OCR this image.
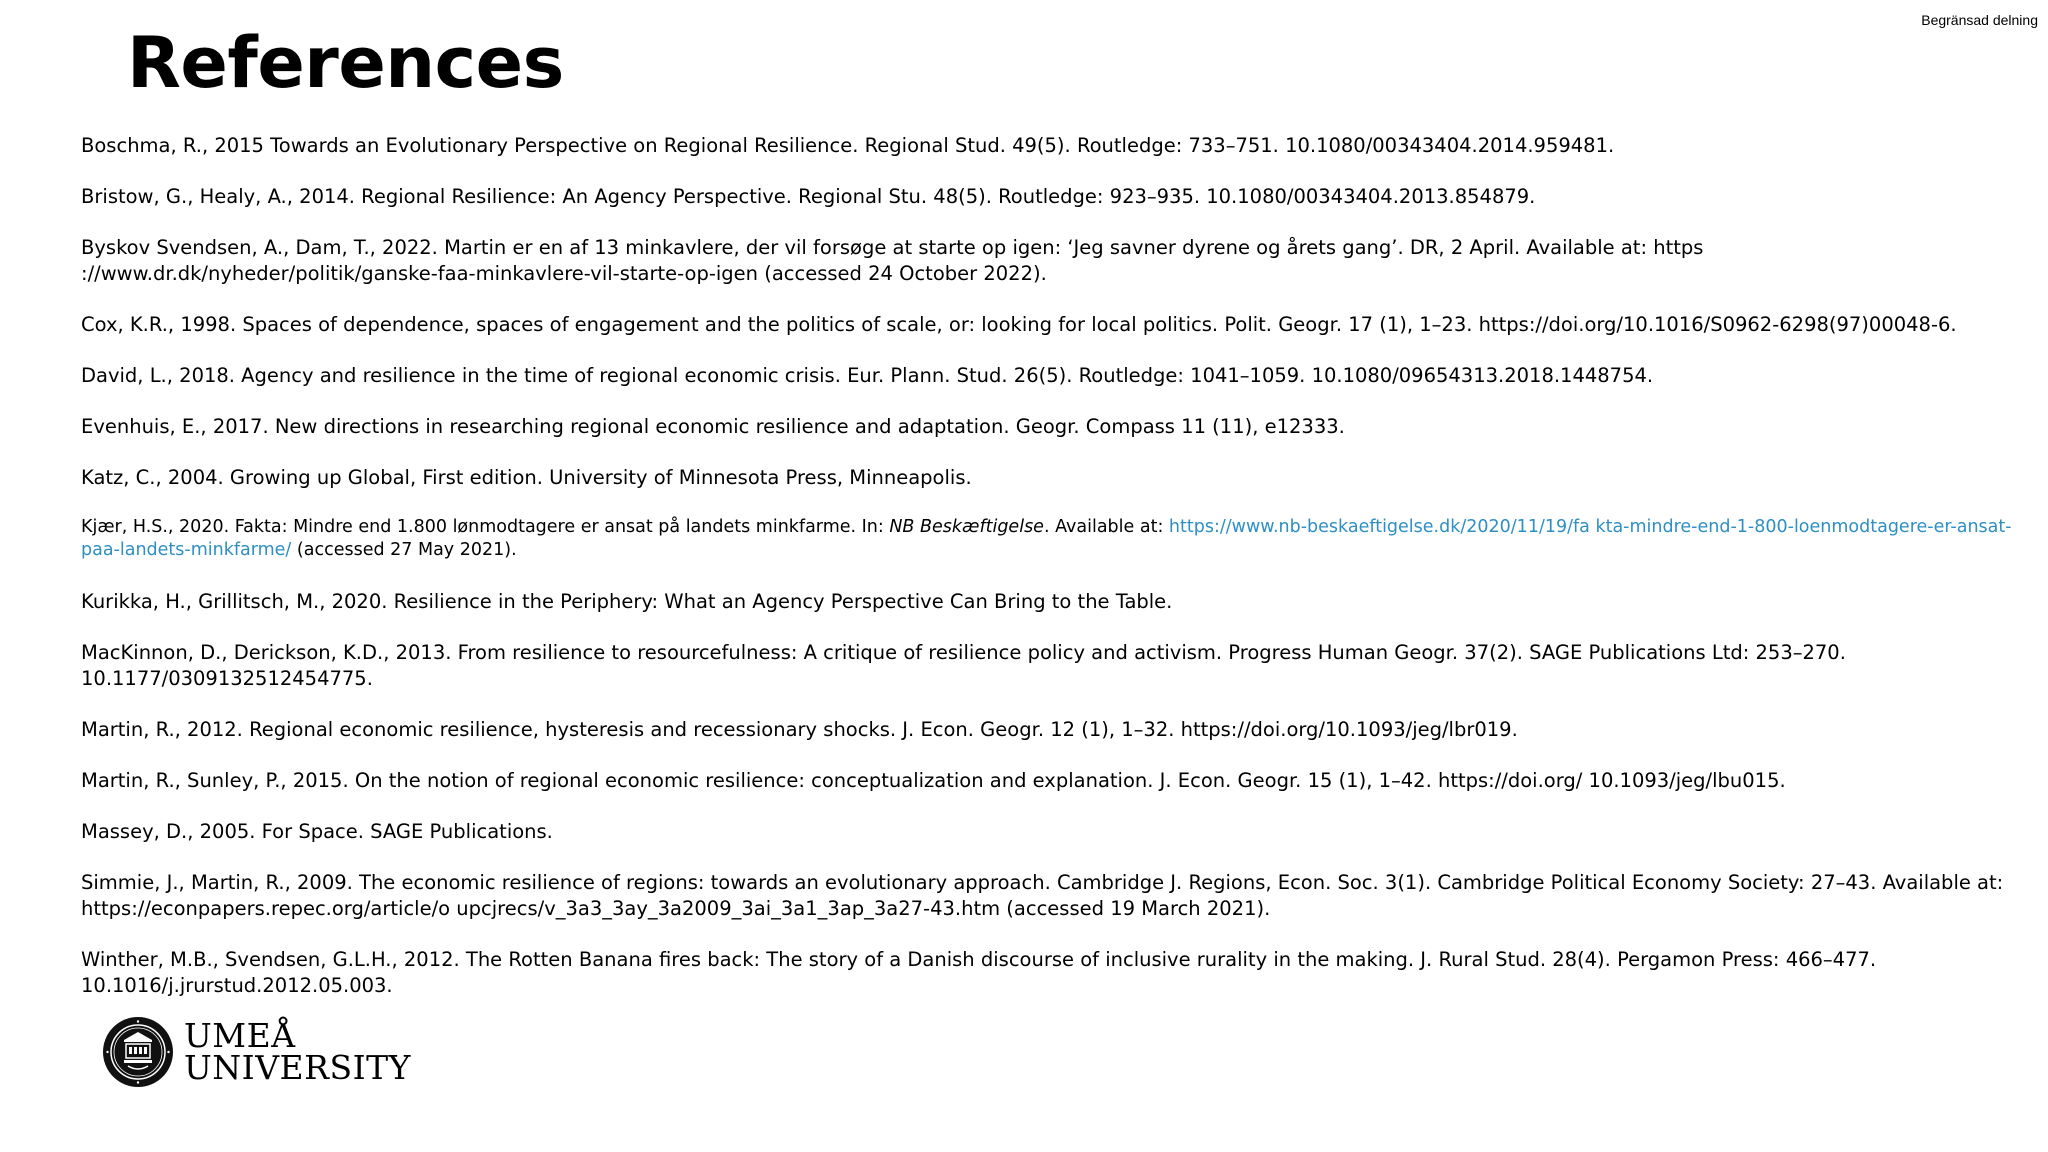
Begränsad delning
References

Boschma, R., 2015 Towards an Evolutionary Perspective on Regional Resilience. Regional Stud. 49(5). Routledge: 733–751. 10.1080/00343404.2014.959481.

Bristow, G., Healy, A., 2014. Regional Resilience: An Agency Perspective. Regional Stu. 48(5). Routledge: 923–935. 10.1080/00343404.2013.854879.

Byskov Svendsen, A., Dam, T., 2022. Martin er en af 13 minkavlere, der vil forsøge at starte op igen: ‘Jeg savner dyrene og årets gang’. DR, 2 April. Available at: https ://www.dr.dk/nyheder/politik/ganske-faa-minkavlere-vil-starte-op-igen (accessed 24 October 2022).

Cox, K.R., 1998. Spaces of dependence, spaces of engagement and the politics of scale, or: looking for local politics. Polit. Geogr. 17 (1), 1–23. https://doi.org/10.1016/S0962-6298(97)00048-6.

David, L., 2018. Agency and resilience in the time of regional economic crisis. Eur. Plann. Stud. 26(5). Routledge: 1041–1059. 10.1080/09654313.2018.1448754.

Evenhuis, E., 2017. New directions in researching regional economic resilience and adaptation. Geogr. Compass 11 (11), e12333.

Katz, C., 2004. Growing up Global, First edition. University of Minnesota Press, Minneapolis.

Kjær, H.S., 2020. Fakta: Mindre end 1.800 lønmodtagere er ansat på landets minkfarme. In: NB Beskæftigelse. Available at: https://www.nb-beskaeftigelse.dk/2020/11/19/fa kta-mindre-end-1-800-loenmodtagere-er-ansat-paa-landets-minkfarme/ (accessed 27 May 2021).

Kurikka, H., Grillitsch, M., 2020. Resilience in the Periphery: What an Agency Perspective Can Bring to the Table.

MacKinnon, D., Derickson, K.D., 2013. From resilience to resourcefulness: A critique of resilience policy and activism. Progress Human Geogr. 37(2). SAGE Publications Ltd: 253–270. 10.1177/0309132512454775.

Martin, R., 2012. Regional economic resilience, hysteresis and recessionary shocks. J. Econ. Geogr. 12 (1), 1–32. https://doi.org/10.1093/jeg/lbr019.

Martin, R., Sunley, P., 2015. On the notion of regional economic resilience: conceptualization and explanation. J. Econ. Geogr. 15 (1), 1–42. https://doi.org/ 10.1093/jeg/lbu015.

Massey, D., 2005. For Space. SAGE Publications.

Simmie, J., Martin, R., 2009. The economic resilience of regions: towards an evolutionary approach. Cambridge J. Regions, Econ. Soc. 3(1). Cambridge Political Economy Society: 27–43. Available at: https://econpapers.repec.org/article/o upcjrecs/v_3a3_3ay_3a2009_3ai_3a1_3ap_3a27-43.htm (accessed 19 March 2021).

Winther, M.B., Svendsen, G.L.H., 2012. The Rotten Banana fires back: The story of a Danish discourse of inclusive rurality in the making. J. Rural Stud. 28(4). Pergamon Press: 466–477. 10.1016/j.jrurstud.2012.05.003.

UMEÅ
UNIVERSITY
